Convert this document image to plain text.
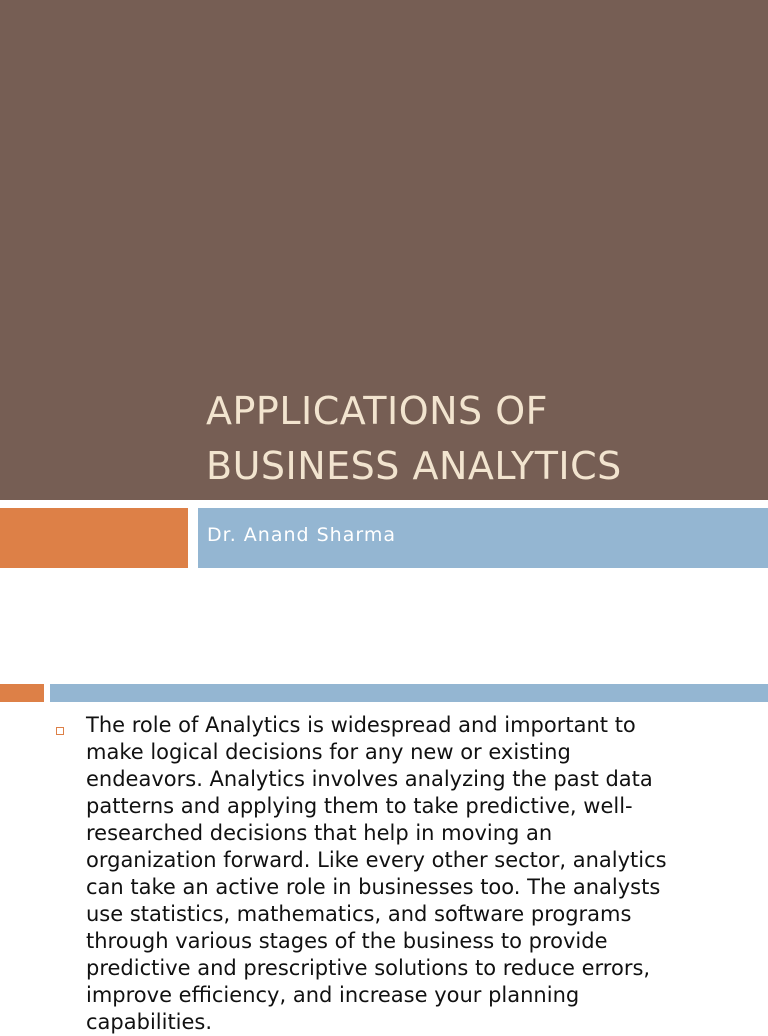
APPLICATIONS OF
BUSINESS ANALYTICS
Dr. Anand Sharma

The role of Analytics is widespread and important to
make logical decisions for any new or existing
endeavors. Analytics involves analyzing the past data
patterns and applying them to take predictive, well-
researched decisions that help in moving an
organization forward. Like every other sector, analytics
can take an active role in businesses too. The analysts
use statistics, mathematics, and software programs
through various stages of the business to provide
predictive and prescriptive solutions to reduce errors,
improve efficiency, and increase your planning
capabilities.
